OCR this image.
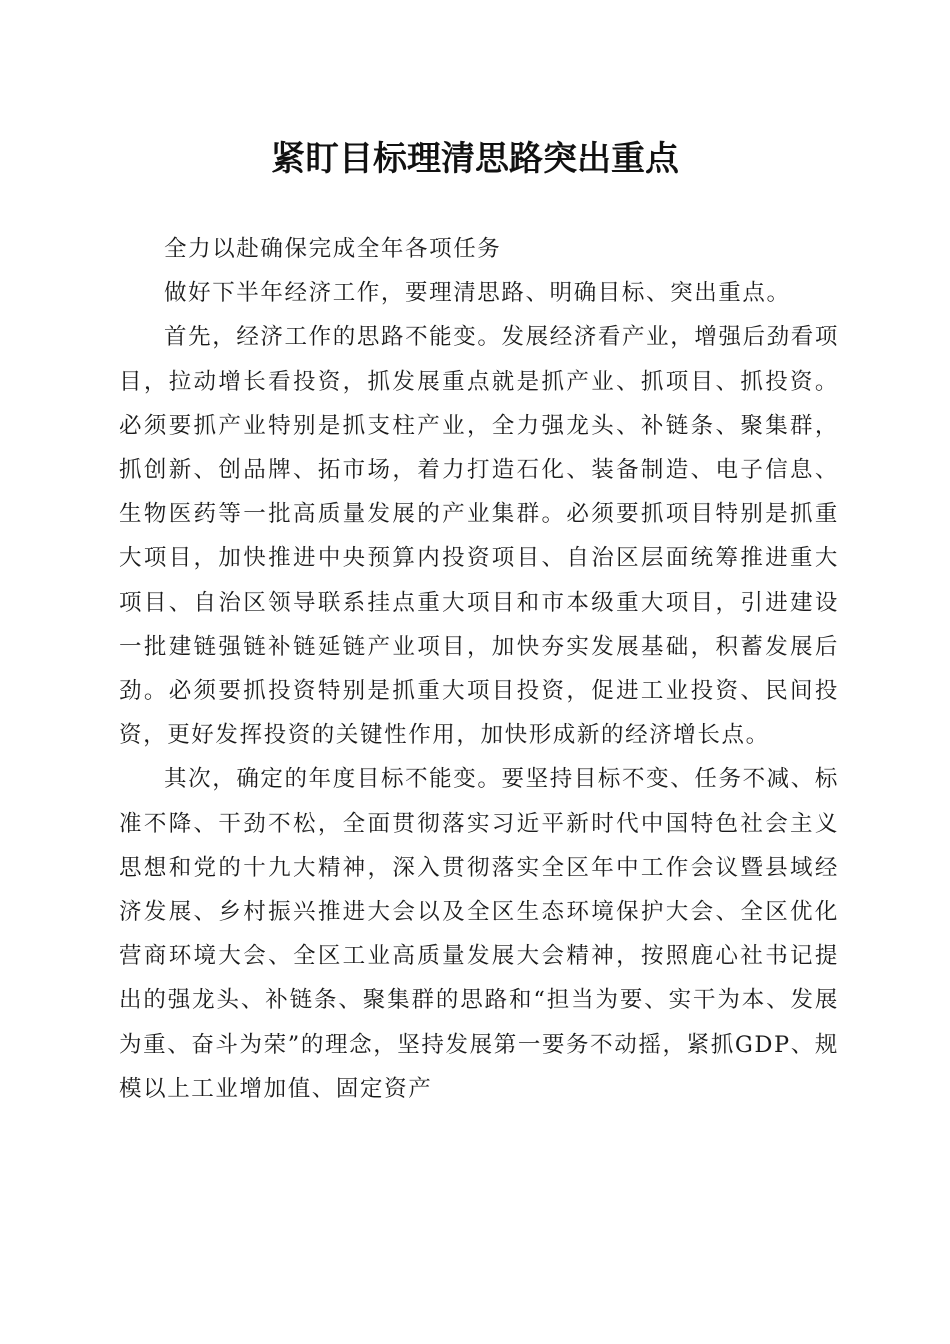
紧盯目标理清思路突出重点

全力以赴确保完成全年各项任务

做好下半年经济工作，要理清思路、明确目标、突出重点。

首先，经济工作的思路不能变。发展经济看产业，增强后劲看项目，拉动增长看投资，抓发展重点就是抓产业、抓项目、抓投资。必须要抓产业特别是抓支柱产业，全力强龙头、补链条、聚集群，抓创新、创品牌、拓市场，着力打造石化、装备制造、电子信息、生物医药等一批高质量发展的产业集群。必须要抓项目特别是抓重大项目，加快推进中央预算内投资项目、自治区层面统筹推进重大项目、自治区领导联系挂点重大项目和市本级重大项目，引进建设一批建链强链补链延链产业项目，加快夯实发展基础，积蓄发展后劲。必须要抓投资特别是抓重大项目投资，促进工业投资、民间投资，更好发挥投资的关键性作用，加快形成新的经济增长点。

其次，确定的年度目标不能变。要坚持目标不变、任务不减、标准不降、干劲不松，全面贯彻落实习近平新时代中国特色社会主义思想和党的十九大精神，深入贯彻落实全区年中工作会议暨县域经济发展、乡村振兴推进大会以及全区生态环境保护大会、全区优化营商环境大会、全区工业高质量发展大会精神，按照鹿心社书记提出的强龙头、补链条、聚集群的思路和“担当为要、实干为本、发展为重、奋斗为荣”的理念，坚持发展第一要务不动摇，紧抓GDP、规模以上工业增加值、固定资产
